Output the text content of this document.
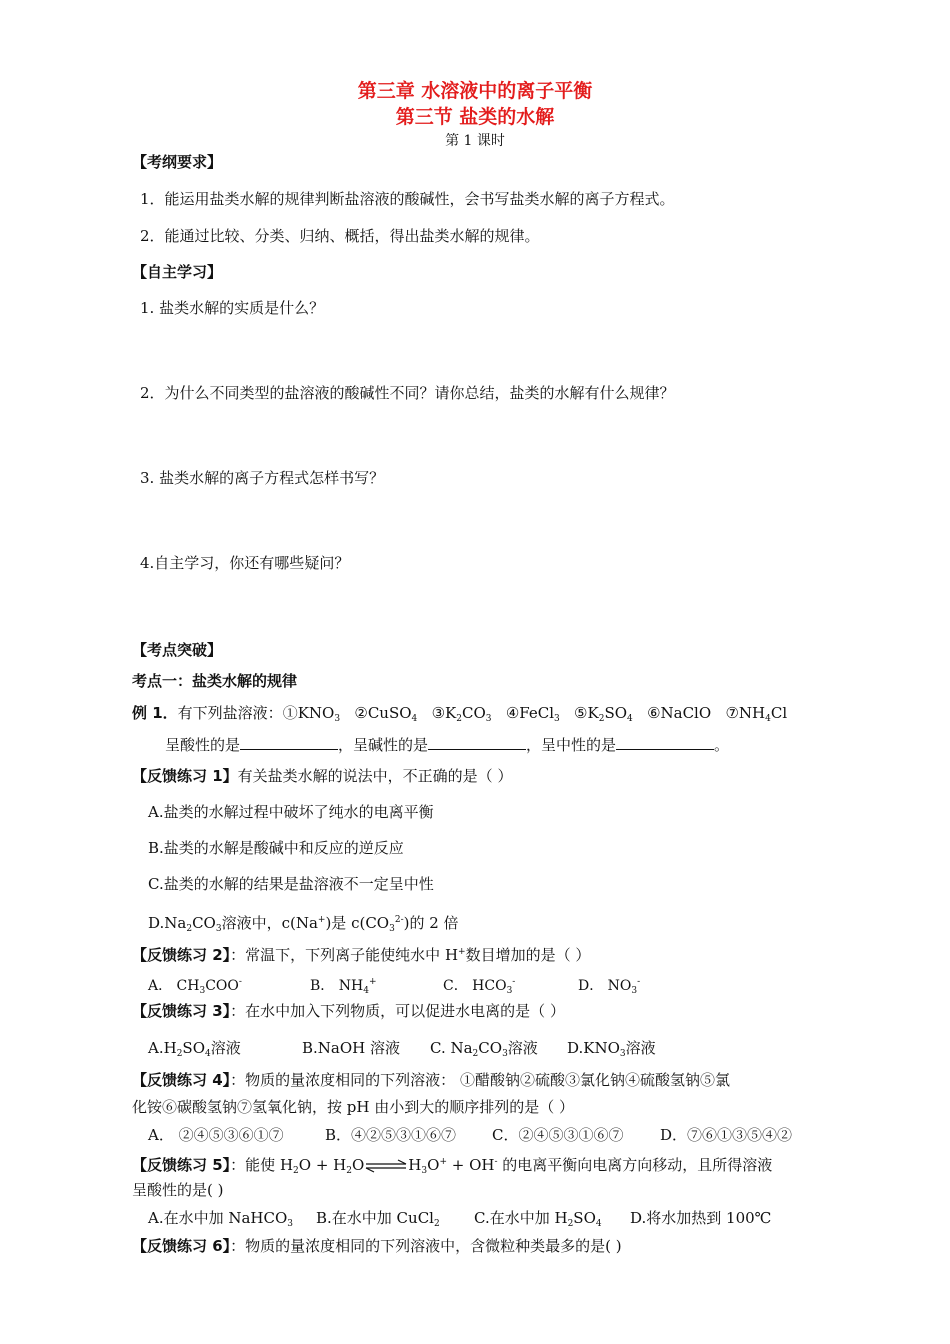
第三章 水溶液中的离子平衡
第三节 盐类的水解
第 1 课时
【考纲要求】
1．能运用盐类水解的规律判断盐溶液的酸碱性，会书写盐类水解的离子方程式。
2．能通过比较、分类、归纳、概括，得出盐类水解的规律。
【自主学习】
1. 盐类水解的实质是什么？
2．为什么不同类型的盐溶液的酸碱性不同？请你总结，盐类的水解有什么规律？
3. 盐类水解的离子方程式怎样书写？
4.自主学习，你还有哪些疑问？
【考点突破】
考点一：盐类水解的规律
例 1．有下列盐溶液：$①KNO_3$ ②CuSO$_4$ $③K_2CO_3$ ④FeCl$_3$ $⑤K_2SO_4$ ⑥NaClO $⑦NH_4Cl$
呈酸性的是	，呈碱性的是	，呈中性的是	。
【反馈练习 1】有关盐类水解的说法中，不正确的是（ ）
A.盐类的水解过程中破坏了纯水的电离平衡
B.盐类的水解是酸碱中和反应的逆反应
C.盐类的水解的结果是盐溶液不一定呈中性
$D.Na_2CO_3$溶液中，c(Na+)是 $c(CO_3^{2-})$的 2 倍
【反馈练习 2】：常温下，下列离子能使纯水中 H+数目增加的是（ ）
A． $CH_3COO^-$	B． $NH_4^+$	C． $HCO_3^-$	D． $NO_3^-$
【反馈练习 3】：在水中加入下列物质，可以促进水电离的是（ ）
$A.H_2SO_4$溶液	B.NaOH 溶液 C. $Na_2CO_3$溶液 $D.KNO_3$溶液
【反馈练习 4】：物质的量浓度相同的下列溶液： ①醋酸钠②硫酸③氯化钠④硫酸氢钠⑤氯
化铵⑥碳酸氢钠⑦氢氧化钠，按 pH 由小到大的顺序排列的是（ ）
A． ②④⑤③⑥①⑦	B．④②⑤③①⑥⑦ C．②④⑤③①⑥⑦ D．⑦⑥①③⑤④②
【反馈练习 5】：能使 $H_2O$ + $H_2O\rightleftharpoons H_3O^+ + OH^-$ 的电离平衡向电离方向移动，且所得溶液
呈酸性的是( )
A.在水中加 NaHCO$_3$ B.在水中加 CuCl$_2$ C.在水中加 $H_2SO_4$ D.将水加热到 100℃
【反馈练习 6】：物质的量浓度相同的下列溶液中，含微粒种类最多的是( )
